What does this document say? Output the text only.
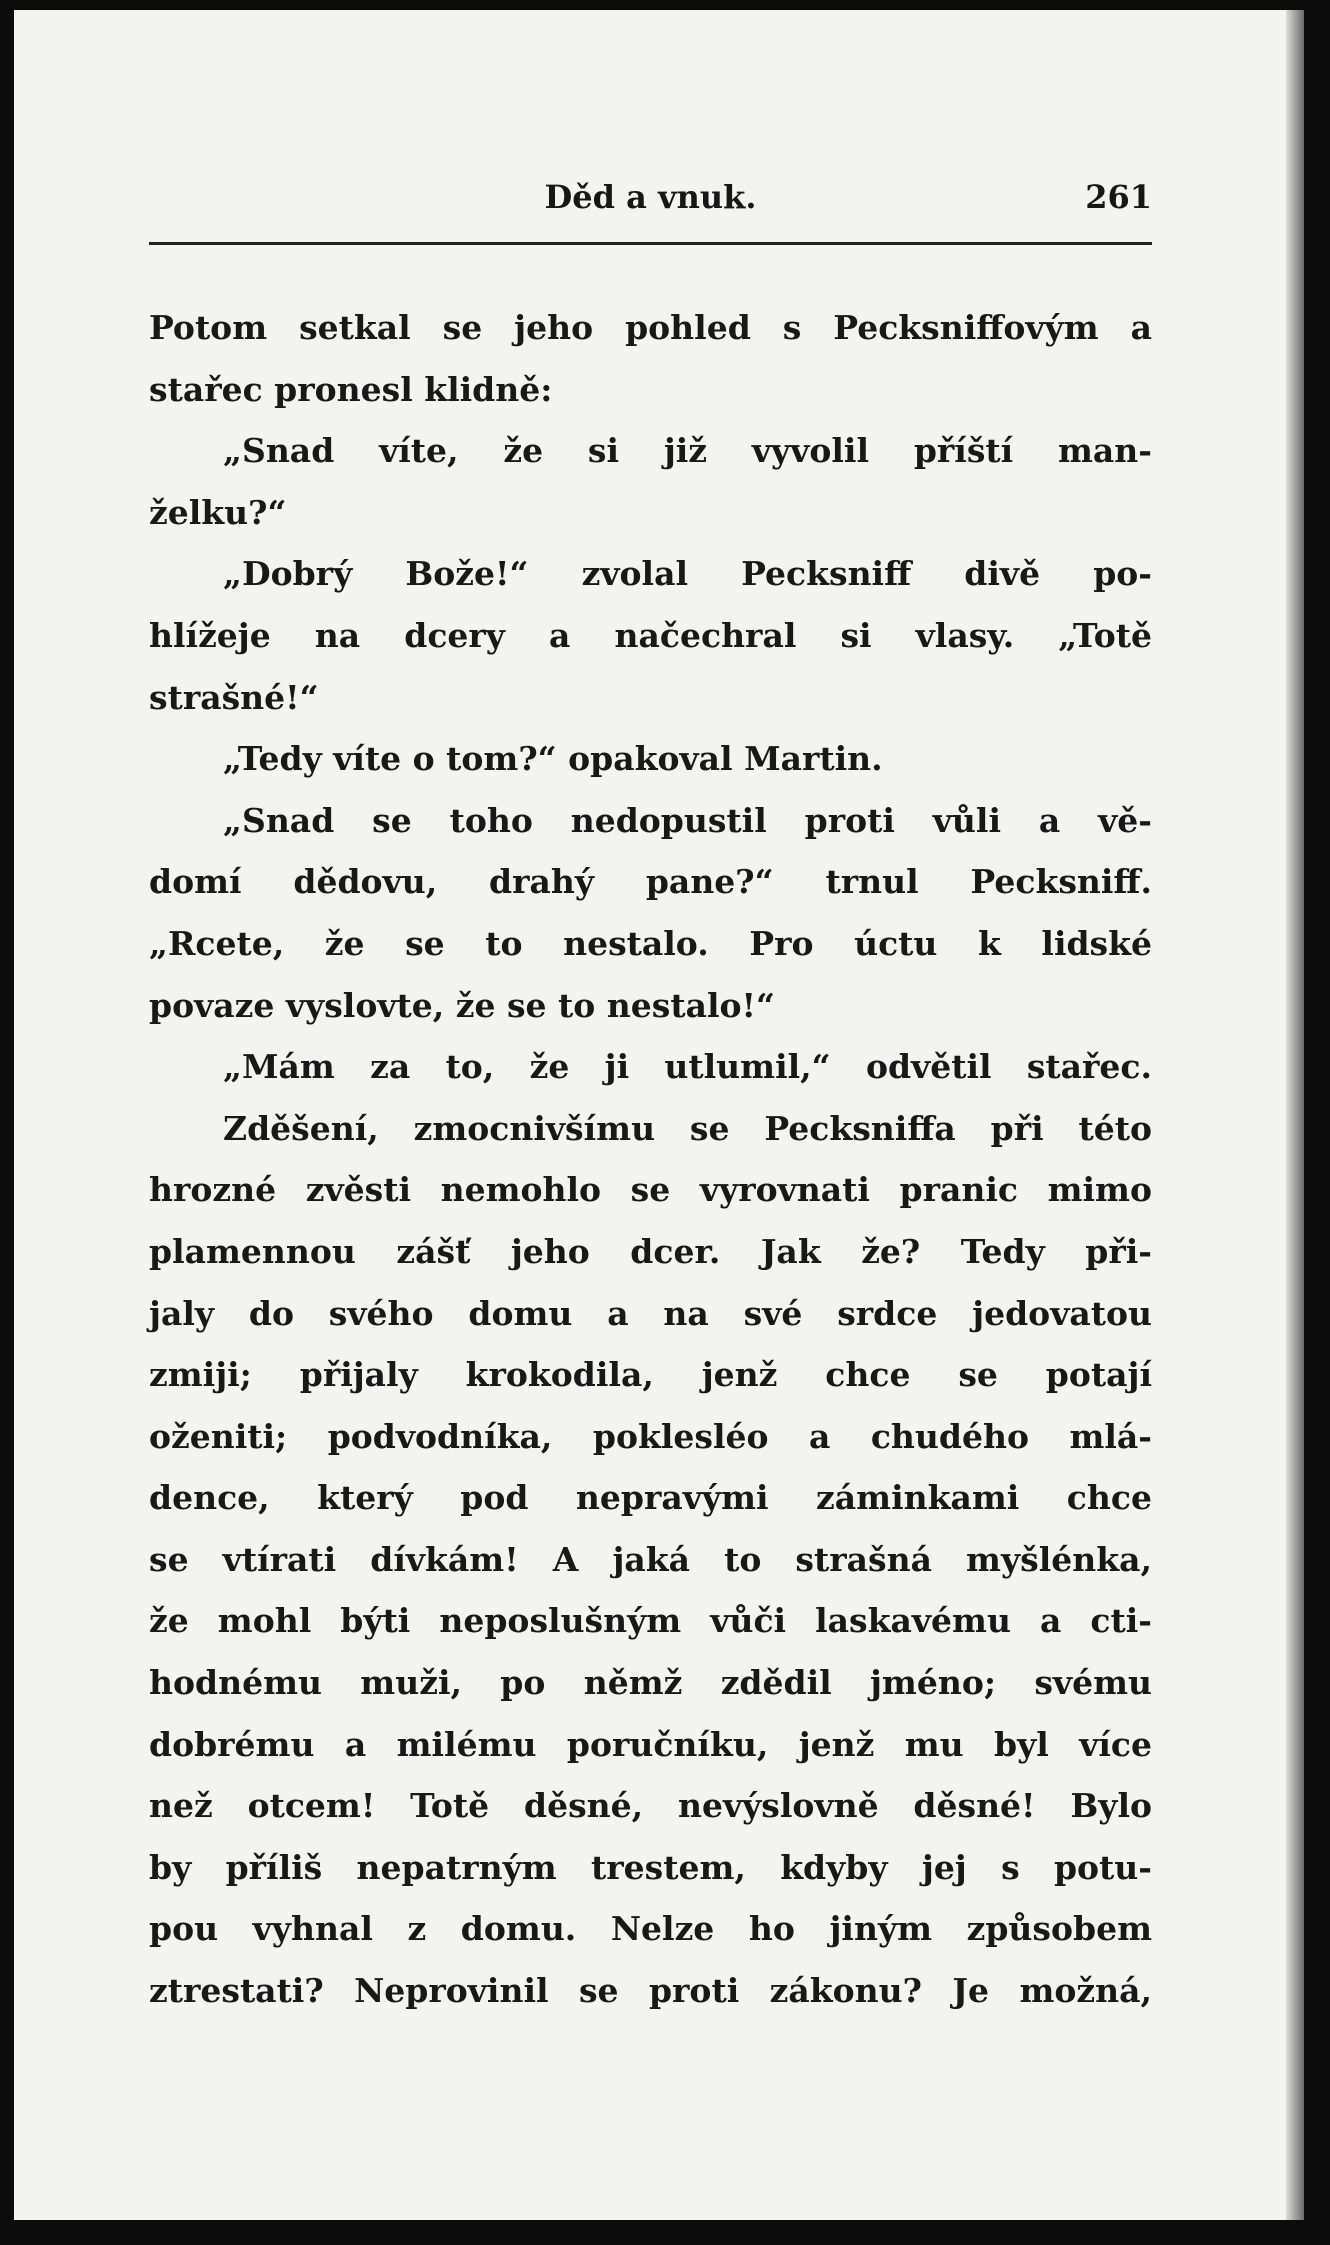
Děd a vnuk.	261
Potom setkal se jeho pohled s Pecksniffovým a
stařec pronesl klidně:
„Snad víte, že si již vyvolil příští man-
želku?“
„Dobrý Bože!“ zvolal Pecksniff divě po-
hlížeje na dcery a načechral si vlasy. „Totě
strašné!“
„Tedy víte o tom?“ opakoval Martin.
„Snad se toho nedopustil proti vůli a vě-
domí dědovu, drahý pane?“ trnul Pecksniff.
„Rcete, že se to nestalo. Pro úctu k lidské
povaze vyslovte, že se to nestalo!“
„Mám za to, že ji utlumil,“ odvětil stařec.
Zděšení, zmocnivšímu se Pecksniffa při této
hrozné zvěsti nemohlo se vyrovnati pranic mimo
plamennou zášť jeho dcer. Jak že? Tedy při-
jaly do svého domu a na své srdce jedovatou
zmiji; přijaly krokodila, jenž chce se potají
oženiti; podvodníka, poklesléo a chudého mlá-
dence, který pod nepravými záminkami chce
se vtírati dívkám! A jaká to strašná myšlénka,
že mohl býti neposlušným vůči laskavému a cti-
hodnému muži, po němž zdědil jméno; svému
dobrému a milému poručníku, jenž mu byl více
než otcem! Totě děsné, nevýslovně děsné! Bylo
by příliš nepatrným trestem, kdyby jej s potu-
pou vyhnal z domu. Nelze ho jiným způsobem
ztrestati? Neprovinil se proti zákonu? Je možná,
